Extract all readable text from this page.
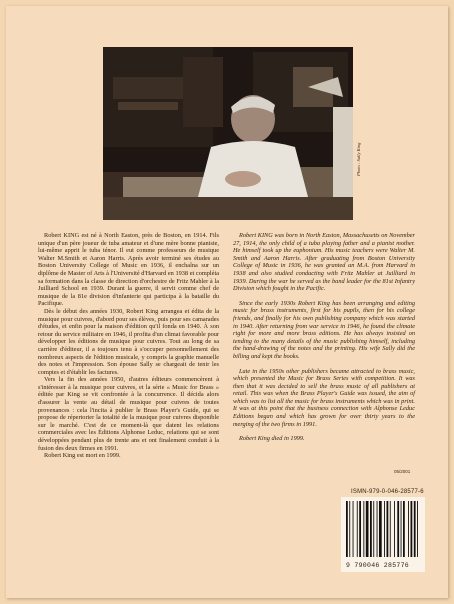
Photo : Sally King

Robert KING est né à North Easton, près de Boston, en 1914. Fils unique d'un père joueur de tuba amateur et d'une mère bonne pianiste, lui-même apprit le tuba ténor. Il eut comme professeurs de musique Walter M.Smith et Aaron Harris. Après avoir terminé ses études au Boston University College of Music en 1936, il enchaîna sur un diplôme de Master of Arts à l'Université d'Harvard en 1938 et compléta sa formation dans la classe de direction d'orchestre de Fritz Mahler à la Juilliard School en 1939. Durant la guerre, il servit comme chef de musique de la 81e division d'infanterie qui participa à la bataille du Pacifique.

Dès le début des années 1930, Robert King arrangea et édita de la musique pour cuivres, d'abord pour ses élèves, puis pour ses camarades d'études, et enfin pour la maison d'édition qu'il fonda en 1940. À son retour du service militaire en 1946, il profita d'un climat favorable pour développer les éditions de musique pour cuivres. Tout au long de sa carrière d'éditeur, il a toujours tenu à s'occuper personnellement des nombreux aspects de l'édition musicale, y compris la graphie manuelle des notes et l'impression. Son épouse Sally se chargeait de tenir les comptes et d'établir les factures.

Vers la fin des années 1950, d'autres éditeurs commencèrent à s'intéresser à la musique pour cuivres, et la série « Music for Brass » éditée par King se vit confrontée à la concurrence. Il décida alors d'assurer la vente au détail de musique pour cuivres de toutes provenances : cela l'incita à publier le Brass Player's Guide, qui se propose de répertorier la totalité de la musique pour cuivres disponible sur le marché. C'est de ce moment-là que datent les relations commerciales avec les Éditions Alphonse Leduc, relations qui se sont développées pendant plus de trente ans et ont finalement conduit à la fusion des deux firmes en 1991.

Robert King est mort en 1999.

Robert KING was born in North Easton, Massachusetts on November 27, 1914, the only child of a tuba playing father and a pianist mother. He himself took up the euphonium. His music teachers were Walter M. Smith and Aaron Harris. After graduating from Boston University College of Music in 1936, he was granted an M.A. from Harvard in 1938 and also studied conducting with Fritz Mahler at Juilliard in 1939. During the war he served as the band leader for the 81st Infantry Division which fought in the Pacific.

Since the early 1930s Robert King has been arranging and editing music for brass instruments, first for his pupils, then for his college friends, and finally for his own publishing company which was started in 1940. After returning from war service in 1946, he found the climate right for more and more brass editions. He has always insisted on tending to the many details of the music publishing himself, including the hand-drawing of the notes and the printing. His wife Sally did the billing and kept the books.

Late in the 1950s other publishers became attracted to brass music, which presented the Music for Brass Series with competition. It was then that it was decided to sell the brass music of all publishers at retail. This was when the Brass Player's Guide was issued, the aim of which was to list all the music for brass instruments which was in print. It was at this point that the business connection with Alphonse Leduc Editions began and which has grown for over thirty years to the merging of the two firms in 1991.

Robert King died in 1999.

05/2001
ISMN-979-0-046-28577-6
9 790046 285776
